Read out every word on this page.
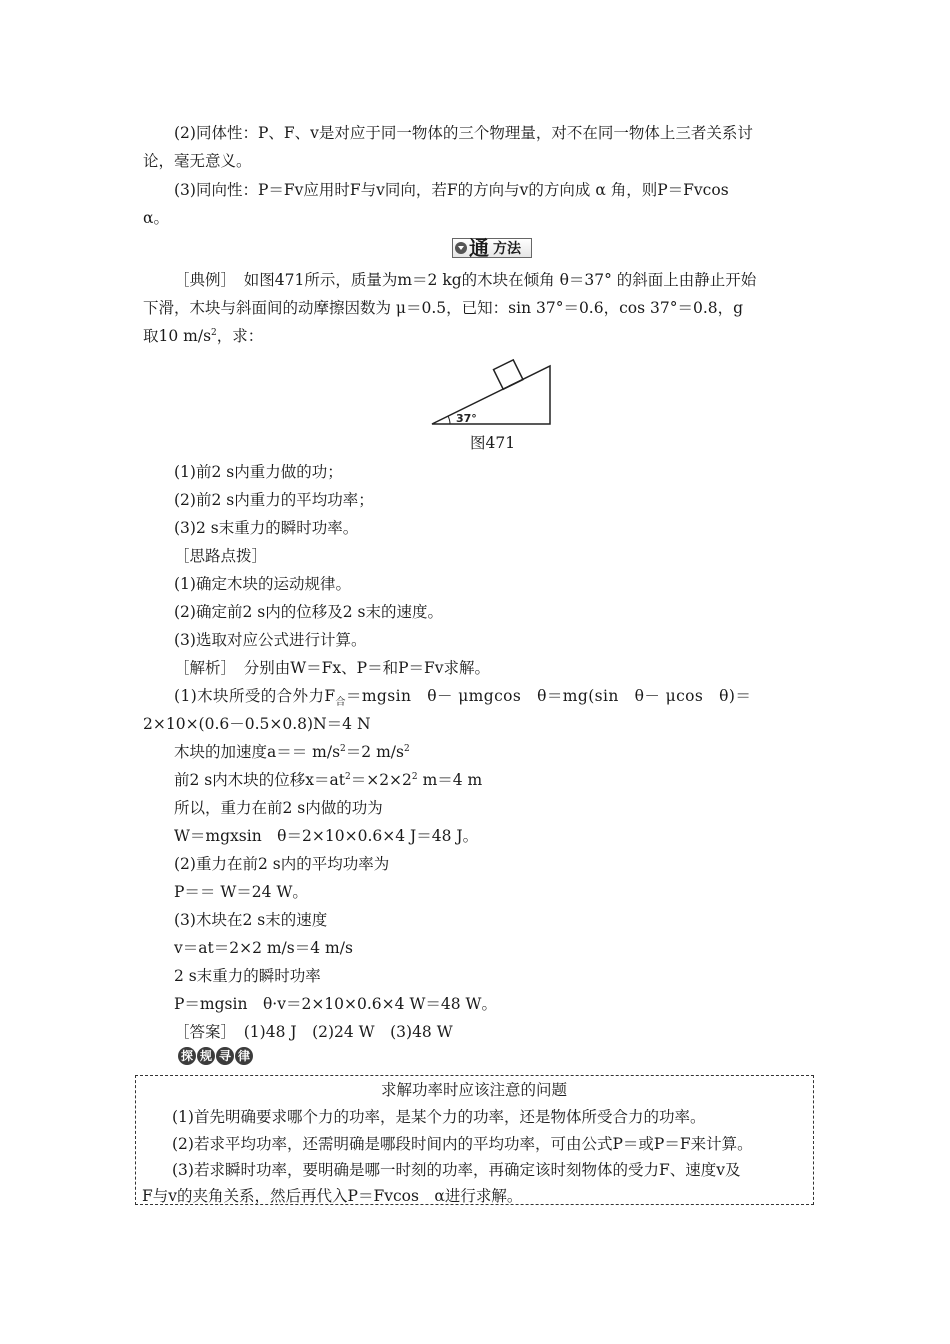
(2)同体性：P、F、v是对应于同一物体的三个物理量，对不在同一物体上三者关系讨
论，毫无意义。
(3)同向性：P＝Fv应用时F与v同向，若F的方向与v的方向成 α 角，则P＝Fvcos
α。
通 方法
［典例］　如图471所示，质量为m＝2 kg的木块在倾角 θ＝37° 的斜面上由静止开始
下滑，木块与斜面间的动摩擦因数为 μ＝0.5，已知：sin 37°＝0.6，cos 37°＝0.8，g
取10 $m/s^2$，求：
37°
图471
(1)前2 s内重力做的功；
(2)前2 s内重力的平均功率；
(3)2 s末重力的瞬时功率。
［思路点拨］
(1)确定木块的运动规律。
(2)确定前2 s内的位移及2 s末的速度。
(3)选取对应公式进行计算。
［解析］　分别由W＝Fx、P＝和P＝Fv求解。
(1)木块所受的合外力$F_合=mgsin$　θ－ μmgcos　θ＝mg(sin　θ－ μcos　θ)＝
2×10×(0.6－0.5×0.8)N＝4 N
木块的加速度$a== m/s^2=2$ $m/s^2$
前2 s内木块的位移$x=at^2=\times 2\times 2^2$ m＝4 m
所以，重力在前2 s内做的功为
W＝mgxsin　θ＝2×10×0.6×4 J＝48 J。
(2)重力在前2 s内的平均功率为
P＝＝ W＝24 W。
(3)木块在2 s末的速度
v＝at＝2×2 m/s＝4 m/s
2 s末重力的瞬时功率
P＝mgsin　θ·v＝2×10×0.6×4 W＝48 W。
［答案］　(1)48 J　(2)24 W　(3)48 W
探 规 寻 律
求解功率时应该注意的问题
(1)首先明确要求哪个力的功率，是某个力的功率，还是物体所受合力的功率。
(2)若求平均功率，还需明确是哪段时间内的平均功率，可由公式P＝或P＝F来计算。
(3)若求瞬时功率，要明确是哪一时刻的功率，再确定该时刻物体的受力F、速度v及
F与v的夹角关系，然后再代入P＝Fvcos　α进行求解。
